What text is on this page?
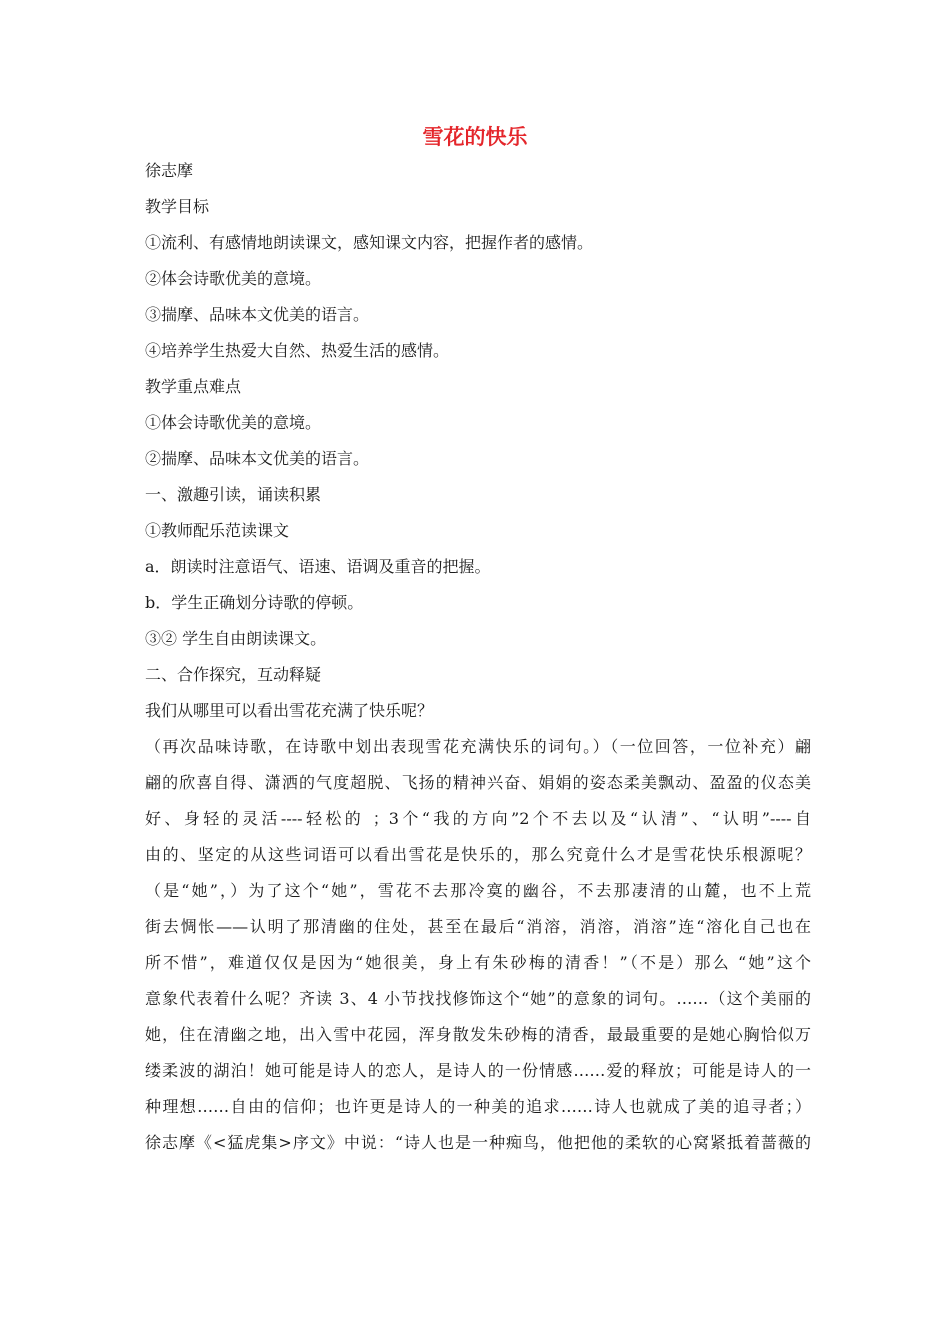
雪花的快乐
徐志摩
教学目标
①流利、有感情地朗读课文，感知课文内容，把握作者的感情。
②体会诗歌优美的意境。
③揣摩、品味本文优美的语言。
④培养学生热爱大自然、热爱生活的感情。
教学重点难点
①体会诗歌优美的意境。
②揣摩、品味本文优美的语言。
一、激趣引读，诵读积累
①教师配乐范读课文
a．朗读时注意语气、语速、语调及重音的把握。
b．学生正确划分诗歌的停顿。
③② 学生自由朗读课文。
二、合作探究，互动释疑
我们从哪里可以看出雪花充满了快乐呢？
（再次品味诗歌，在诗歌中划出表现雪花充满快乐的词句。）（一位回答，一位补充）翩
翩的欣喜自得、潇洒的气度超脱、飞扬的精神兴奋、娟娟的姿态柔美飘动、盈盈的仪态美
好、身轻的灵活----轻松的 ；3个“我的方向”2个不去以及“认清”、“认明”----自
由的、坚定的从这些词语可以看出雪花是快乐的，那么究竟什么才是雪花快乐根源呢？
（是“她”，）为了这个“她”，雪花不去那冷寞的幽谷，不去那凄清的山麓，也不上荒
街去惆怅——认明了那清幽的住处，甚至在最后“消溶，消溶，消溶”连“溶化自己也在
所不惜”，难道仅仅是因为“她很美，身上有朱砂梅的清香！”（不是）那么 “她”这个
意象代表着什么呢？齐读 3、4 小节找找修饰这个“她”的意象的词句。……（这个美丽的
她，住在清幽之地，出入雪中花园，浑身散发朱砂梅的清香，最最重要的是她心胸恰似万
缕柔波的湖泊！她可能是诗人的恋人，是诗人的一份情感……爱的释放；可能是诗人的一
种理想……自由的信仰；也许更是诗人的一种美的追求……诗人也就成了美的追寻者；）
徐志摩《<猛虎集>序文》中说：“诗人也是一种痴鸟，他把他的柔软的心窝紧抵着蔷薇的
